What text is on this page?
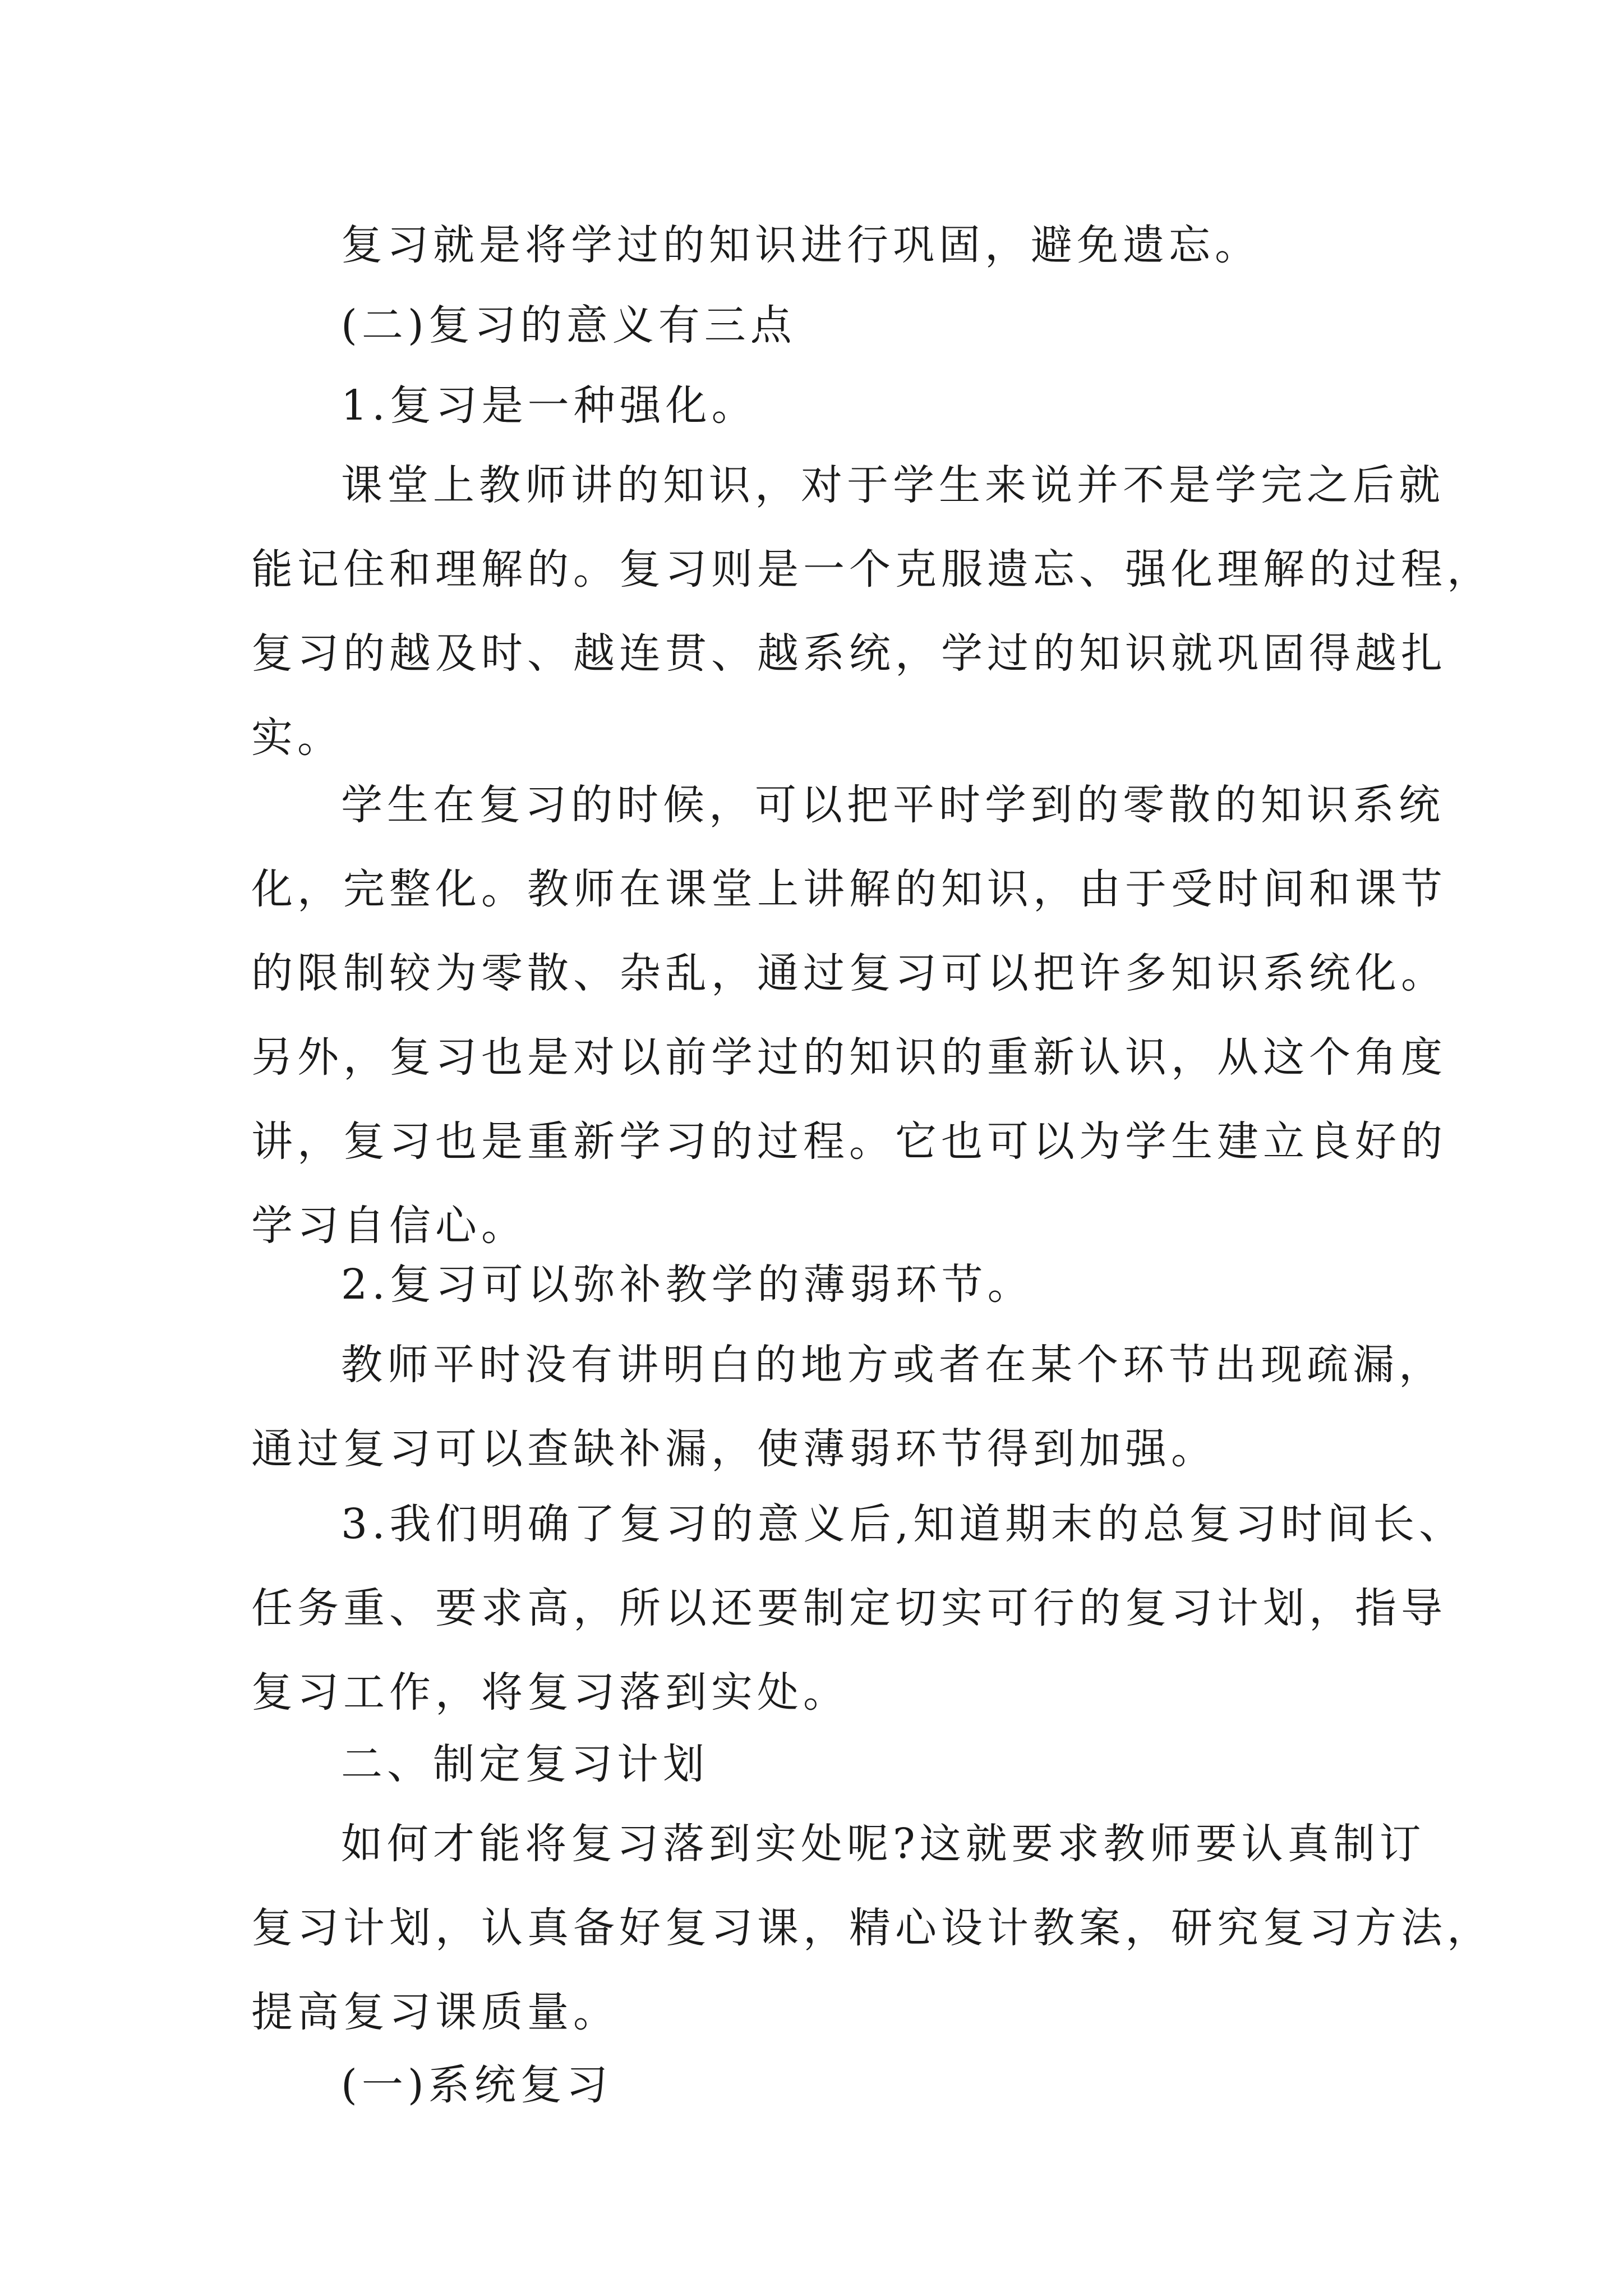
复习就是将学过的知识进行巩固，避免遗忘。

(二)复习的意义有三点

1.复习是一种强化。

课堂上教师讲的知识，对于学生来说并不是学完之后就
能记住和理解的。复习则是一个克服遗忘、强化理解的过程，
复习的越及时、越连贯、越系统，学过的知识就巩固得越扎
实。

学生在复习的时候，可以把平时学到的零散的知识系统
化，完整化。教师在课堂上讲解的知识，由于受时间和课节
的限制较为零散、杂乱，通过复习可以把许多知识系统化。
另外，复习也是对以前学过的知识的重新认识，从这个角度
讲，复习也是重新学习的过程。它也可以为学生建立良好的
学习自信心。

2.复习可以弥补教学的薄弱环节。

教师平时没有讲明白的地方或者在某个环节出现疏漏，
通过复习可以查缺补漏，使薄弱环节得到加强。

3.我们明确了复习的意义后,知道期末的总复习时间长、
任务重、要求高，所以还要制定切实可行的复习计划，指导
复习工作，将复习落到实处。

二、制定复习计划

如何才能将复习落到实处呢?这就要求教师要认真制订
复习计划，认真备好复习课，精心设计教案，研究复习方法，
提高复习课质量。

(一)系统复习
